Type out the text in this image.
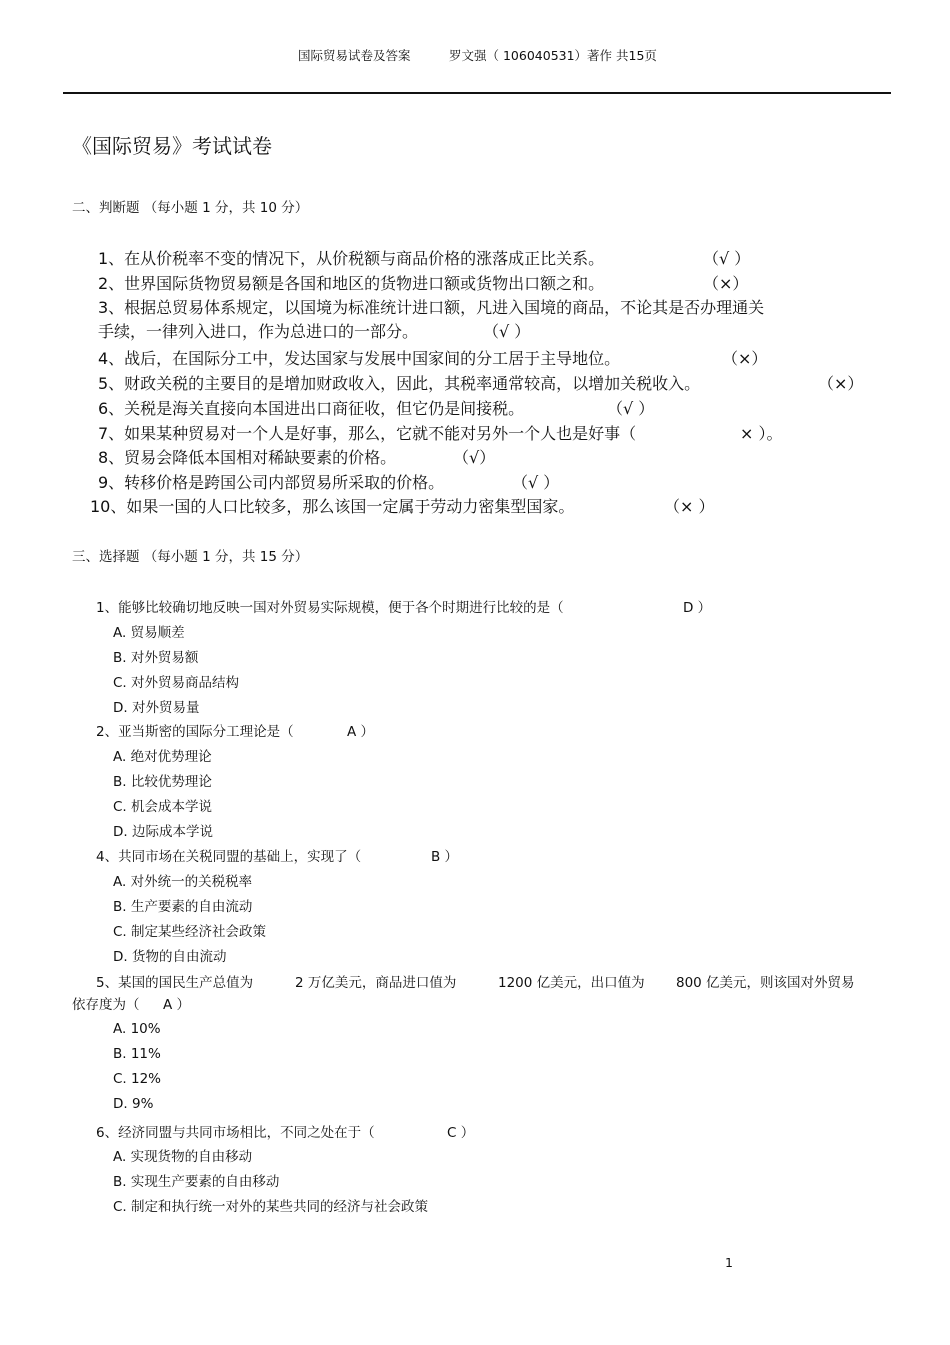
国际贸易试卷及答案	罗文强（ 106040531）著作 共15页
《国际贸易》考试试卷
二、判断题 （每小题 1 分，共 10 分）
1、在从价税率不变的情况下，从价税额与商品价格的涨落成正比关系。	（√ ）
2、世界国际货物贸易额是各国和地区的货物进口额或货物出口额之和。	（×）
3、根据总贸易体系规定，以国境为标准统计进口额，凡进入国境的商品，不论其是否办理通关
手续，一律列入进口，作为总进口的一部分。	（√ ）
4、战后，在国际分工中，发达国家与发展中国家间的分工居于主导地位。	（×）
5、财政关税的主要目的是增加财政收入，因此，其税率通常较高，以增加关税收入。	（×）
6、关税是海关直接向本国进出口商征收，但它仍是间接税。	（√ ）
7、如果某种贸易对一个人是好事，那么，它就不能对另外一个人也是好事（	× ）。
8、贸易会降低本国相对稀缺要素的价格。	（√）
9、转移价格是跨国公司内部贸易所采取的价格。	（√ ）
10、如果一国的人口比较多，那么该国一定属于劳动力密集型国家。	（× ）
三、选择题 （每小题 1 分，共 15 分）
1、能够比较确切地反映一国对外贸易实际规模，便于各个时期进行比较的是（	D ）
A. 贸易顺差
B. 对外贸易额
C. 对外贸易商品结构
D. 对外贸易量
2、亚当斯密的国际分工理论是（	A ）
A. 绝对优势理论
B. 比较优势理论
C. 机会成本学说
D. 边际成本学说
4、共同市场在关税同盟的基础上，实现了（	B ）
A. 对外统一的关税税率
B. 生产要素的自由流动
C. 制定某些经济社会政策
D. 货物的自由流动
5、某国的国民生产总值为	2 万亿美元，商品进口值为	1200 亿美元，出口值为 800 亿美元，则该国对外贸易
依存度为（ A ）
A. 10%
B. 11%
C. 12%
D. 9%
6、经济同盟与共同市场相比，不同之处在于（	C ）
A. 实现货物的自由移动
B. 实现生产要素的自由移动
C. 制定和执行统一对外的某些共同的经济与社会政策
1
